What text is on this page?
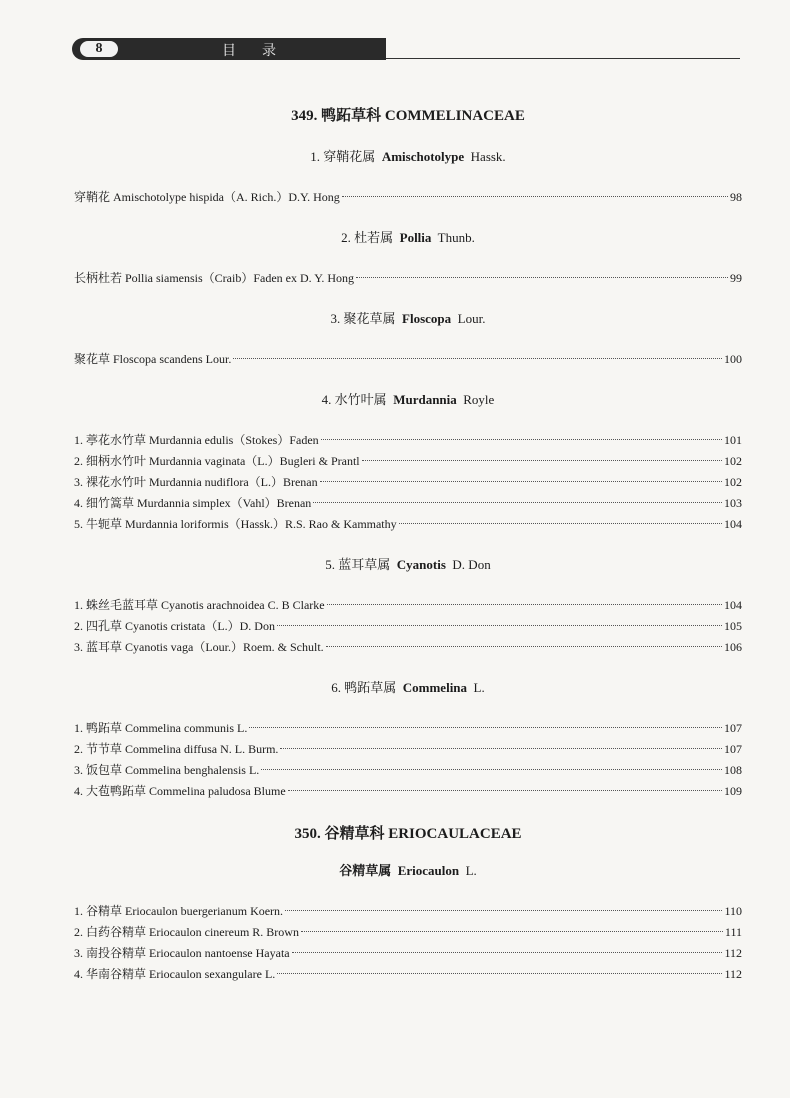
8	目　录
349. 鸭跖草科 COMMELINACEAE
1. 穿鞘花属 Amischotolype Hassk.
穿鞘花 Amischotolype hispida（A. Rich.）D.Y. Hong	98
2. 杜若属 Pollia Thunb.
长柄杜若 Pollia siamensis（Craib）Faden ex D. Y. Hong	99
3. 聚花草属 Floscopa Lour.
聚花草 Floscopa scandens Lour.	100
4. 水竹叶属 Murdannia Royle
1. 葶花水竹草 Murdannia edulis（Stokes）Faden	101
2. 细柄水竹叶 Murdannia vaginata（L.）Bugleri & Prantl	102
3. 裸花水竹叶 Murdannia nudiflora（L.）Brenan	102
4. 细竹篙草 Murdannia simplex（Vahl）Brenan	103
5. 牛轭草 Murdannia loriformis（Hassk.）R.S. Rao & Kammathy	104
5. 蓝耳草属 Cyanotis D. Don
1. 蛛丝毛蓝耳草 Cyanotis arachnoidea C. B Clarke	104
2. 四孔草 Cyanotis cristata（L.）D. Don	105
3. 蓝耳草 Cyanotis vaga（Lour.）Roem. & Schult.	106
6. 鸭跖草属 Commelina L.
1. 鸭跖草 Commelina communis L.	107
2. 节节草 Commelina diffusa N. L. Burm.	107
3. 饭包草 Commelina benghalensis L.	108
4. 大苞鸭跖草 Commelina paludosa Blume	109
350. 谷精草科 ERIOCAULACEAE
谷精草属 Eriocaulon L.
1. 谷精草 Eriocaulon buergerianum Koern.	110
2. 白药谷精草 Eriocaulon cinereum R. Brown	111
3. 南投谷精草 Eriocaulon nantoense Hayata	112
4. 华南谷精草 Eriocaulon sexangulare L.	112
